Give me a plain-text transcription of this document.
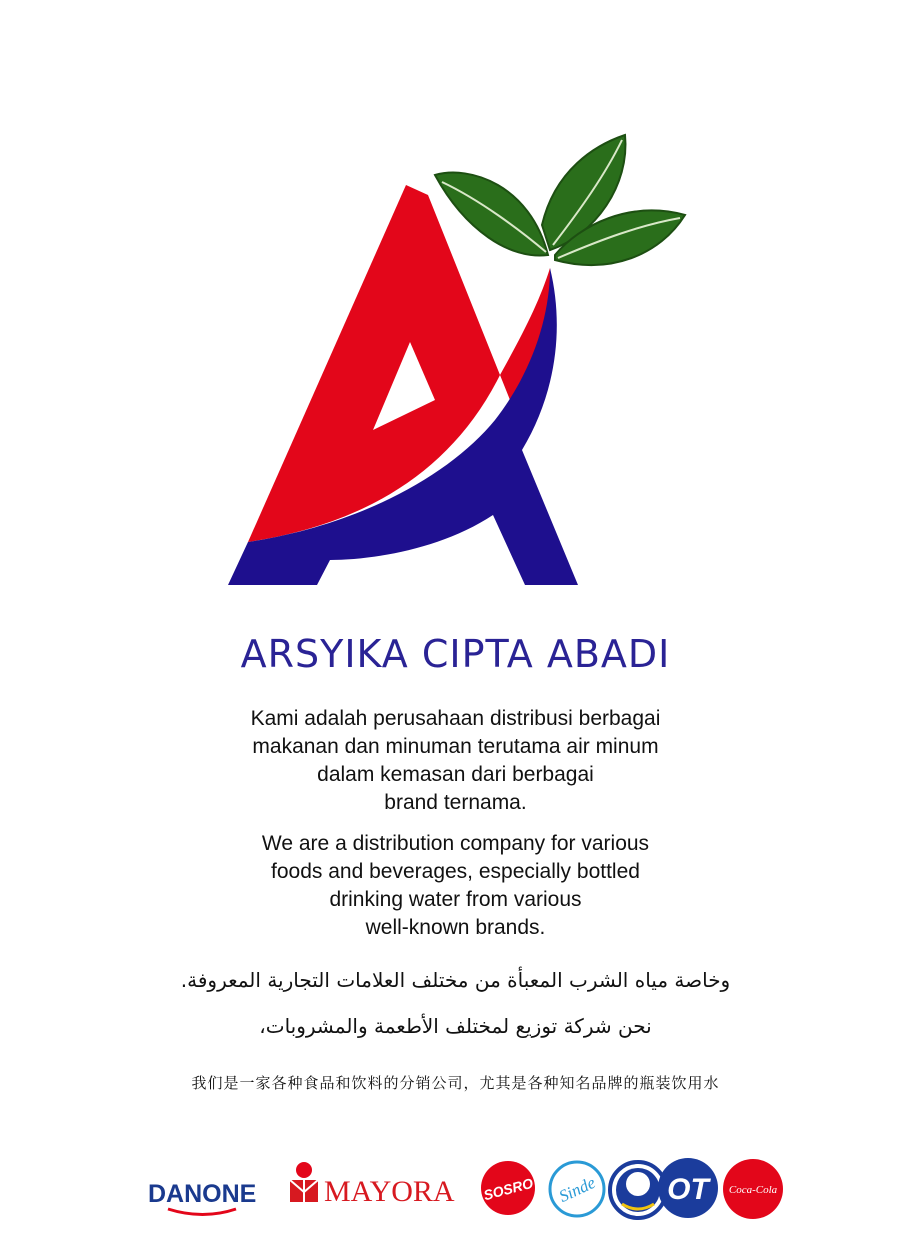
ARSYIKA CIPTA ABADI

Kami adalah perusahaan distribusi berbagai
makanan dan minuman terutama air minum
dalam kemasan dari berbagai
brand ternama.

We are a distribution company for various
foods and beverages, especially bottled
drinking water from various
well-known brands.

وخاصة مياه الشرب المعبأة من مختلف العلامات التجارية المعروفة.
نحن شركة توزيع لمختلف الأطعمة والمشروبات،
我们是一家各种食品和饮料的分销公司，尤其是各种知名品牌的瓶装饮用水
DANONE MAYORA SOSRO Sinde OT Coca-Cola
